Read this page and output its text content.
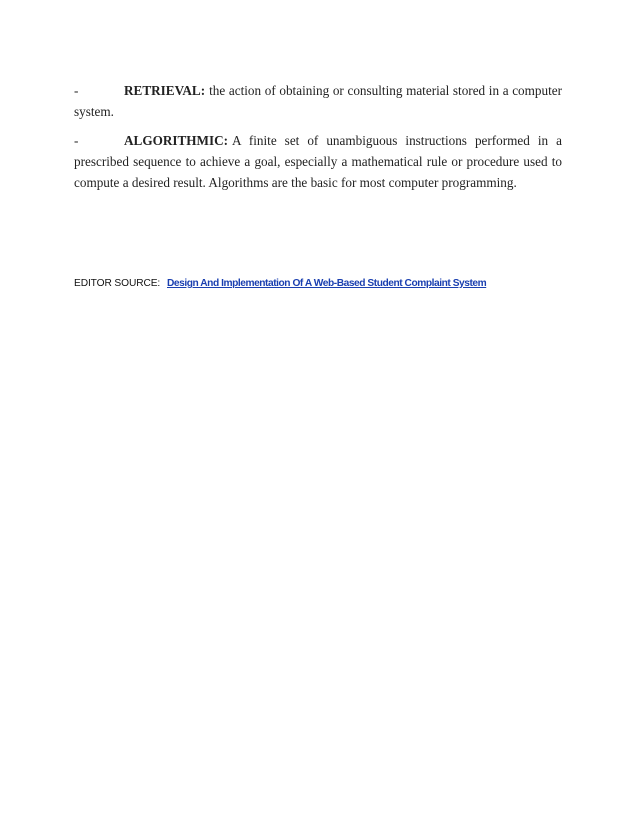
-	RETRIEVAL: the action of obtaining or consulting material stored in a computer system.

-	ALGORITHMIC: A finite set of unambiguous instructions performed in a prescribed sequence to achieve a goal, especially a mathematical rule or procedure used to compute a desired result. Algorithms are the basic for most computer programming.

EDITOR SOURCE: Design And Implementation Of A Web-Based Student Complaint System
